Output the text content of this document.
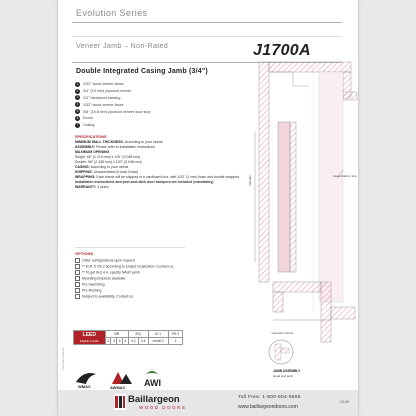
Evolution Series
Veneer Jamb – Non-Rated	J1700A
Double Integrated Casing Jamb (3/4")
1	1/32" wood veneer faces
2	3/4" (19 mm) plywood veneer
3	1/2" hardwood backing
4	1/32" wood veneer faces
5	5/8" (15.8 mm) plywood veneer door stop
6	Doors
7	Casing
SPECIFICATIONS
MINIMUM WALL THICKNESS: According to your needs
ASSEMBLY: Please refer to installation instructions
MAXIMUM OPENING
Single: 48" (1 219 mm) x 120" (3 048 mm)
Double: 96" (2 438 mm) x 120" (3 048 mm)
CASING: According to your needs
SHIPPING: Unassembled (Knock Down)
WRAPPING: Each frame will be shipped in a cardboard box, with 1/32" (1 mm) foam and bundle wrapped.
Installation instructions and peel-and-stick door bumpers are included (mandatory)
WARRANTY: 3 years
OPTIONS
Other configurations upon request
** M.R. 5 2/6.2 according to project localization. Contact us.
** To get IEQ 4.4, specify NAUF jamb
Mounting brackets available
Pre-machining
Pre-finishing
Subject to availability. Contact us.
LEED
Eligible Credits	MR				IEQ		ID 1	PR 2
	3	4	5	6	4.2	4.4	model 2	2
WMAC	AWMAC AWI
Variable	Assembled in site
"Lamello" biscuit
JAMB ASSEMBLY
Head and jamb
Baillargeon
WOOD DOORS
Toll Free: 1-800-804-5666
www.baillargeondoors.com
14-09
Tous droits réservés
